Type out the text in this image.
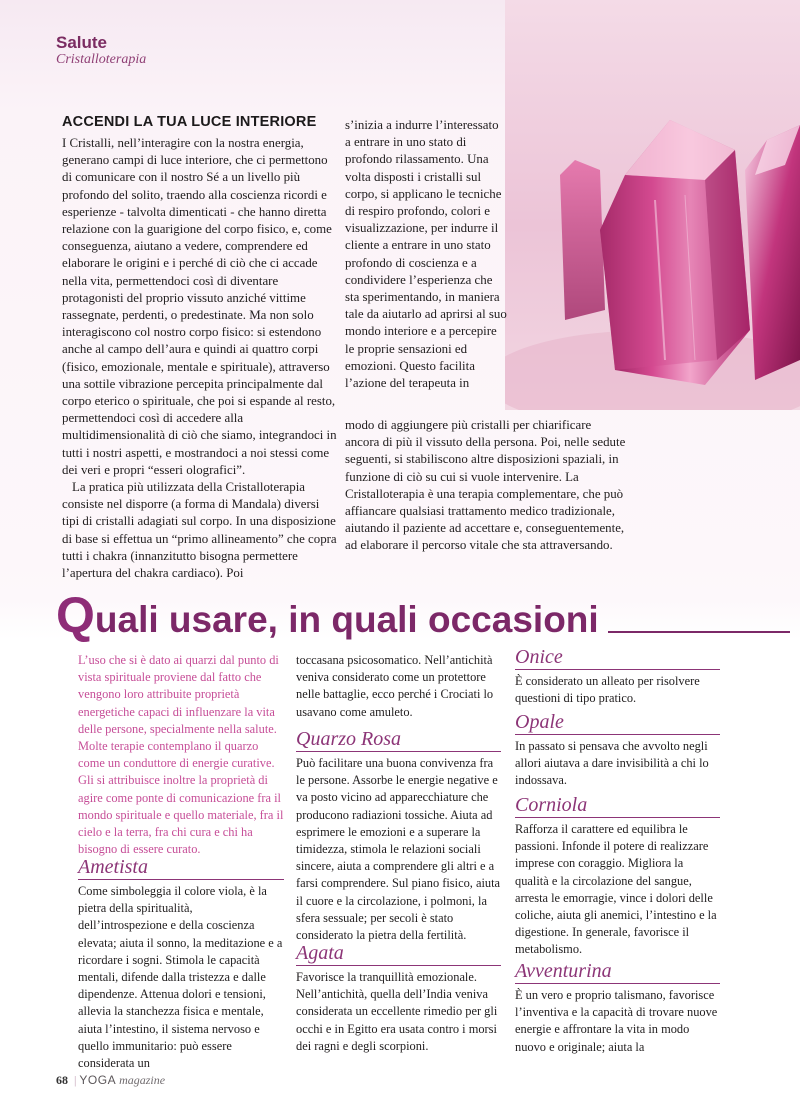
Salute
Cristalloterapia
ACCENDI LA TUA LUCE INTERIORE

I Cristalli, nell’interagire con la nostra energia, generano campi di luce interiore, che ci permettono di comunicare con il nostro Sé a un livello più profondo del solito, traendo alla coscienza ricordi e esperienze - talvolta dimenticati - che hanno diretta relazione con la guarigione del corpo fisico, e, come conseguenza, aiutano a vedere, comprendere ed elaborare le origini e i perché di ciò che ci accade nella vita, permettendoci così di diventare protagonisti del proprio vissuto anziché vittime rassegnate, perdenti, o predestinate. Ma non solo interagiscono col nostro corpo fisico: si estendono anche al campo dell’aura e quindi ai quattro corpi (fisico, emozionale, mentale e spirituale), attraverso una sottile vibrazione percepita principalmente dal corpo eterico o spirituale, che poi si espande al resto, permettendoci così di accedere alla multidimensionalità di ciò che siamo, integrandoci in tutti i nostri aspetti, e mostrandoci a noi stessi come dei veri e propri “esseri olografici”.

La pratica più utilizzata della Cristalloterapia consiste nel disporre (a forma di Mandala) diversi tipi di cristalli adagiati sul corpo. In una disposizione di base si effettua un “primo allineamento” che copra tutti i chakra (innanzitutto bisogna permettere l’apertura del chakra cardiaco). Poi

s’inizia a indurre l’interessato a entrare in uno stato di profondo rilassamento. Una volta disposti i cristalli sul corpo, si applicano le tecniche di respiro profondo, colori e visualizzazione, per indurre il cliente a entrare in uno stato profondo di coscienza e a condividere l’esperienza che sta sperimentando, in maniera tale da aiutarlo ad aprirsi al suo mondo interiore e a percepire le proprie sensazioni ed emozioni. Questo facilita l’azione del terapeuta in

modo di aggiungere più cristalli per chiarificare ancora di più il vissuto della persona. Poi, nelle sedute seguenti, si stabiliscono altre disposizioni spaziali, in funzione di ciò su cui si vuole intervenire. La Cristalloterapia è una terapia complementare, che può affiancare qualsiasi trattamento medico tradizionale, aiutando il paziente ad accettare e, conseguentemente, ad elaborare il percorso vitale che sta attraversando.

Quali usare, in quali occasioni
L’uso che si è dato ai quarzi dal punto di vista spirituale proviene dal fatto che vengono loro attribuite proprietà energetiche capaci di influenzare la vita delle persone, specialmente nella salute. Molte terapie contemplano il quarzo come un conduttore di energie curative. Gli si attribuisce inoltre la proprietà di agire come ponte di comunicazione fra il mondo spirituale e quello materiale, fra il cielo e la terra, fra chi cura e chi ha bisogno di essere curato.
Ametista
Come simboleggia il colore viola, è la pietra della spiritualità, dell’introspezione e della coscienza elevata; aiuta il sonno, la meditazione e a ricordare i sogni. Stimola le capacità mentali, difende dalla tristezza e dalle dipendenze. Attenua dolori e tensioni, allevia la stanchezza fisica e mentale, aiuta l’intestino, il sistema nervoso e quello immunitario: può essere considerata un
toccasana psicosomatico. Nell’antichità veniva considerato come un protettore nelle battaglie, ecco perché i Crociati lo usavano come amuleto.
Quarzo Rosa
Può facilitare una buona convivenza fra le persone. Assorbe le energie negative e va posto vicino ad apparecchiature che producono radiazioni tossiche. Aiuta ad esprimere le emozioni e a superare la timidezza, stimola le relazioni sociali sincere, aiuta a comprendere gli altri e a farsi comprendere. Sul piano fisico, aiuta il cuore e la circolazione, i polmoni, la sfera sessuale; per secoli è stato considerato la pietra della fertilità.
Agata
Favorisce la tranquillità emozionale. Nell’antichità, quella dell’India veniva considerata un eccellente rimedio per gli occhi e in Egitto era usata contro i morsi dei ragni e degli scorpioni.
Onice
È considerato un alleato per risolvere questioni di tipo pratico.
Opale
In passato si pensava che avvolto negli allori aiutava a dare invisibilità a chi lo indossava.
Corniola
Rafforza il carattere ed equilibra le passioni. Infonde il potere di realizzare imprese con coraggio. Migliora la qualità e la circolazione del sangue, arresta le emorragie, vince i dolori delle coliche, aiuta gli anemici, l’intestino e la digestione. In generale, favorisce il metabolismo.
Avventurina
È un vero e proprio talismano, favorisce l’inventiva e la capacità di trovare nuove energie e affrontare la vita in modo nuovo e originale; aiuta la
68 | YOGA magazine
